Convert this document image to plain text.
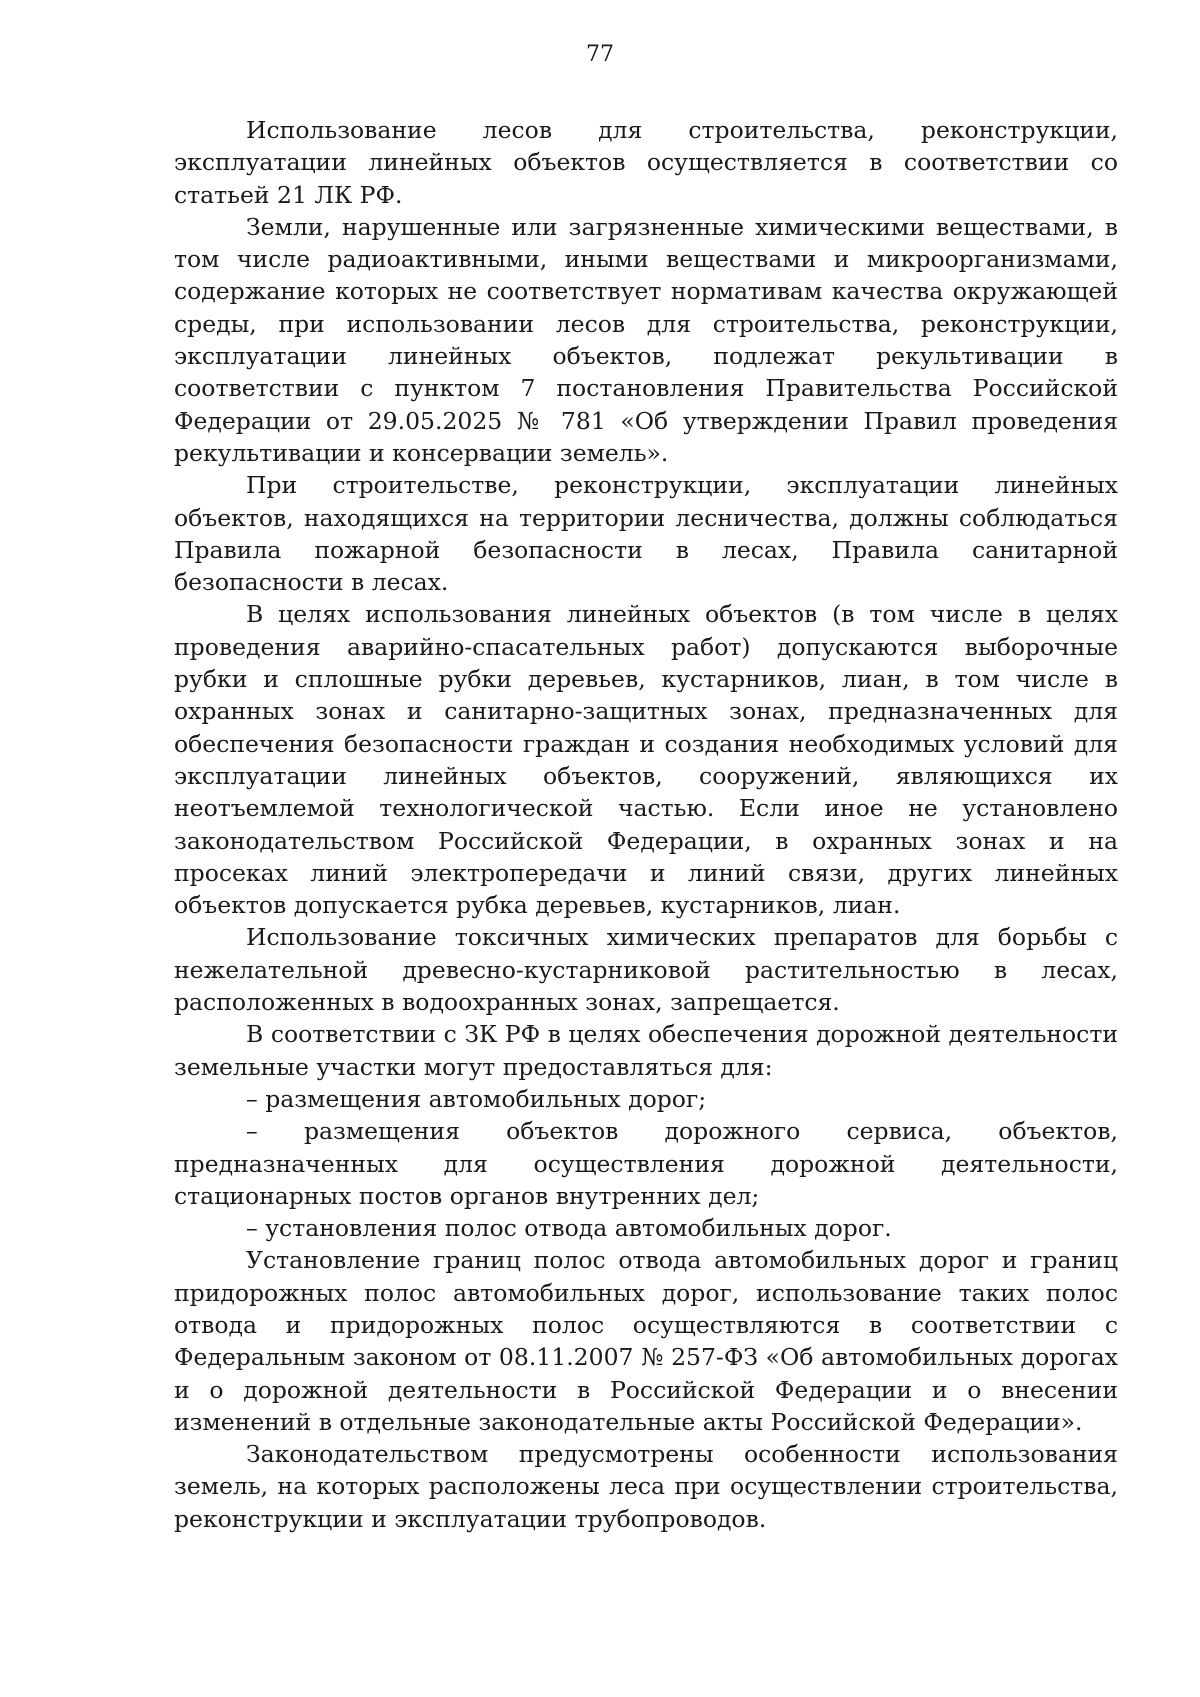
77

Использование лесов для строительства, реконструкции, эксплуатации линейных объектов осуществляется в соответствии со статьей 21 ЛК РФ.

Земли, нарушенные или загрязненные химическими веществами, в том числе радиоактивными, иными веществами и микроорганизмами, содержание которых не соответствует нормативам качества окружающей среды, при использовании лесов для строительства, реконструкции, эксплуатации линейных объектов, подлежат рекультивации в соответствии с пунктом 7 постановления Правительства Российской Федерации от 29.05.2025 № 781 «Об утверждении Правил проведения рекультивации и консервации земель».

При строительстве, реконструкции, эксплуатации линейных объектов, находящихся на территории лесничества, должны соблюдаться Правила пожарной безопасности в лесах, Правила санитарной безопасности в лесах.

В целях использования линейных объектов (в том числе в целях проведения аварийно-спасательных работ) допускаются выборочные рубки и сплошные рубки деревьев, кустарников, лиан, в том числе в охранных зонах и санитарно-защитных зонах, предназначенных для обеспечения безопасности граждан и создания необходимых условий для эксплуатации линейных объектов, сооружений, являющихся их неотъемлемой технологической частью. Если иное не установлено законодательством Российской Федерации, в охранных зонах и на просеках линий электропередачи и линий связи, других линейных объектов допускается рубка деревьев, кустарников, лиан.

Использование токсичных химических препаратов для борьбы с нежелательной древесно-кустарниковой растительностью в лесах, расположенных в водоохранных зонах, запрещается.

В соответствии с ЗК РФ в целях обеспечения дорожной деятельности земельные участки могут предоставляться для:

– размещения автомобильных дорог;

– размещения объектов дорожного сервиса, объектов, предназначенных для осуществления дорожной деятельности, стационарных постов органов внутренних дел;

– установления полос отвода автомобильных дорог.

Установление границ полос отвода автомобильных дорог и границ придорожных полос автомобильных дорог, использование таких полос отвода и придорожных полос осуществляются в соответствии с Федеральным законом от 08.11.2007 № 257-ФЗ «Об автомобильных дорогах и о дорожной деятельности в Российской Федерации и о внесении изменений в отдельные законодательные акты Российской Федерации».

Законодательством предусмотрены особенности использования земель, на которых расположены леса при осуществлении строительства, реконструкции и эксплуатации трубопроводов.
